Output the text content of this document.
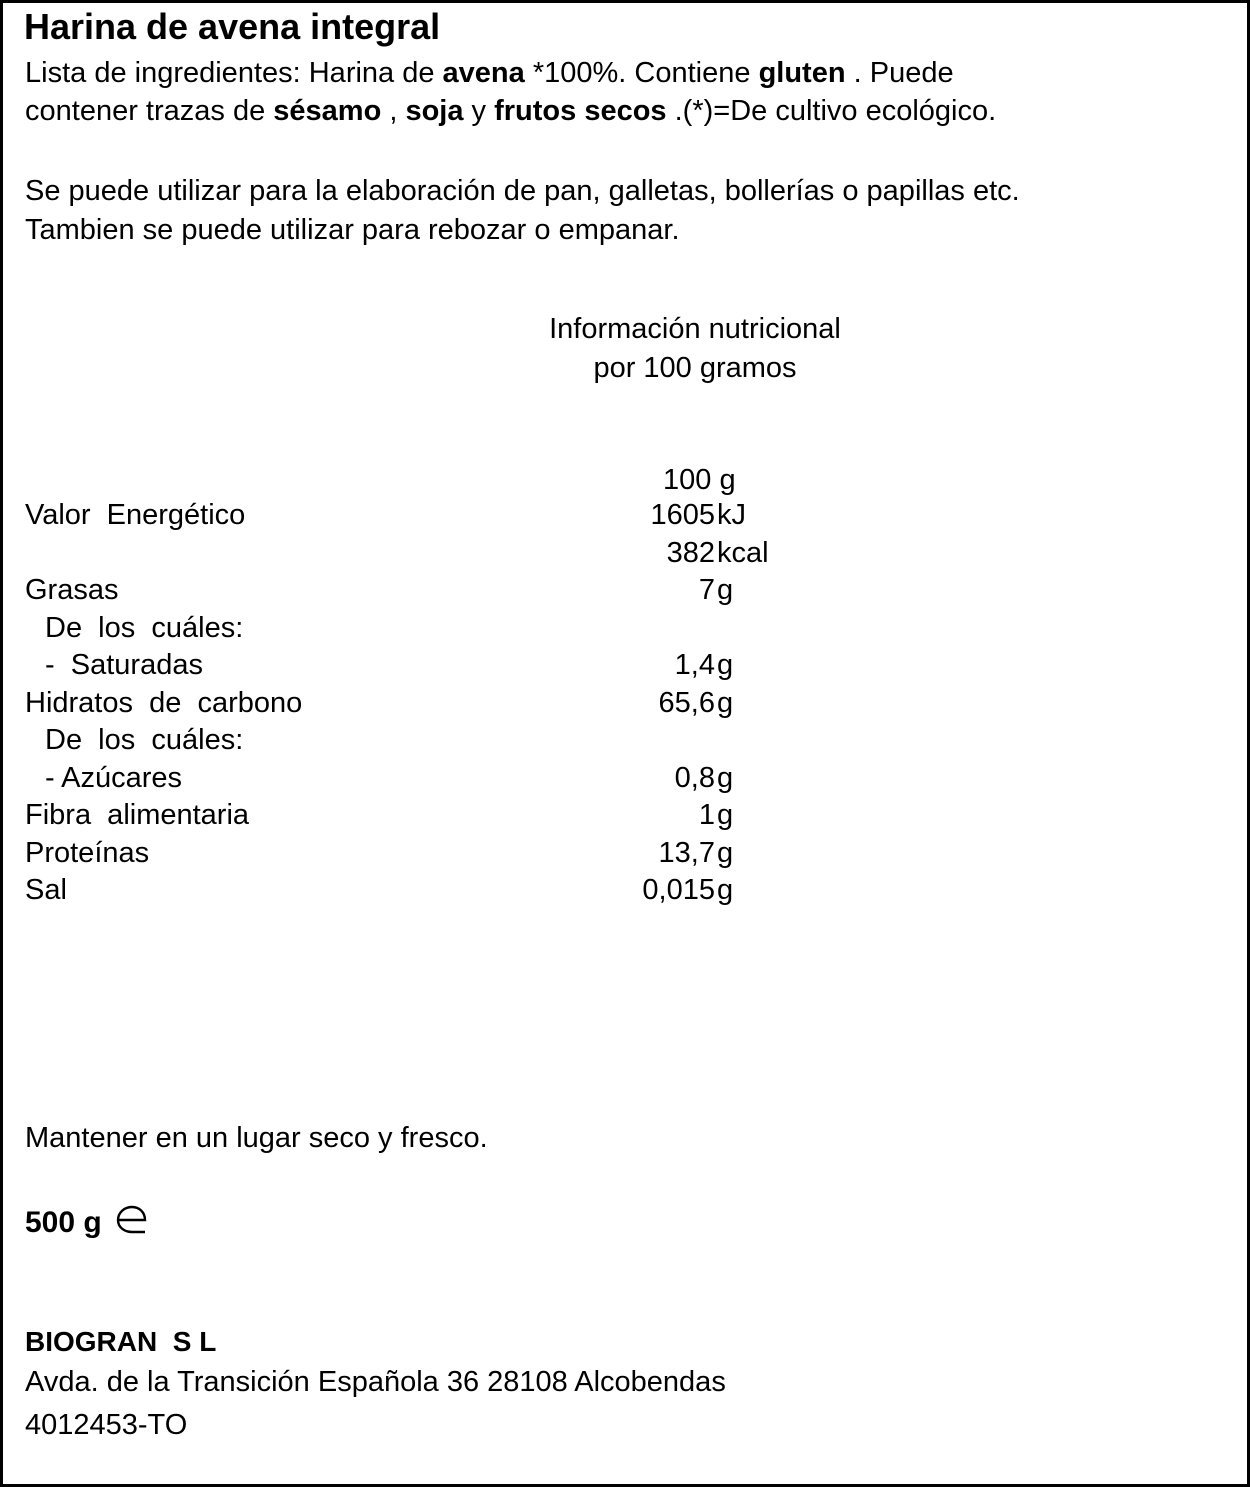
Harina de avena integral
Lista de ingredientes: Harina de avena *100%. Contiene gluten . Puede
contener trazas de sésamo , soja y frutos secos .(*)=De cultivo ecológico.
Se puede utilizar para la elaboración de pan, galletas, bollerías o papillas etc.
Tambien se puede utilizar para rebozar o empanar.
Información nutricional
por 100 gramos
100 g
Valor  Energético	1605 kJ
382 kcal
Grasas	7 g
De  los  cuáles:
-  Saturadas	1,4 g
Hidratos  de  carbono	65,6 g
De  los  cuáles:
- Azúcares	0,8 g
Fibra  alimentaria	1 g
Proteínas	13,7 g
Sal	0,015 g
Mantener en un lugar seco y fresco.
500 g
BIOGRAN  S L
Avda. de la Transición Española 36 28108 Alcobendas
4012453-TO
